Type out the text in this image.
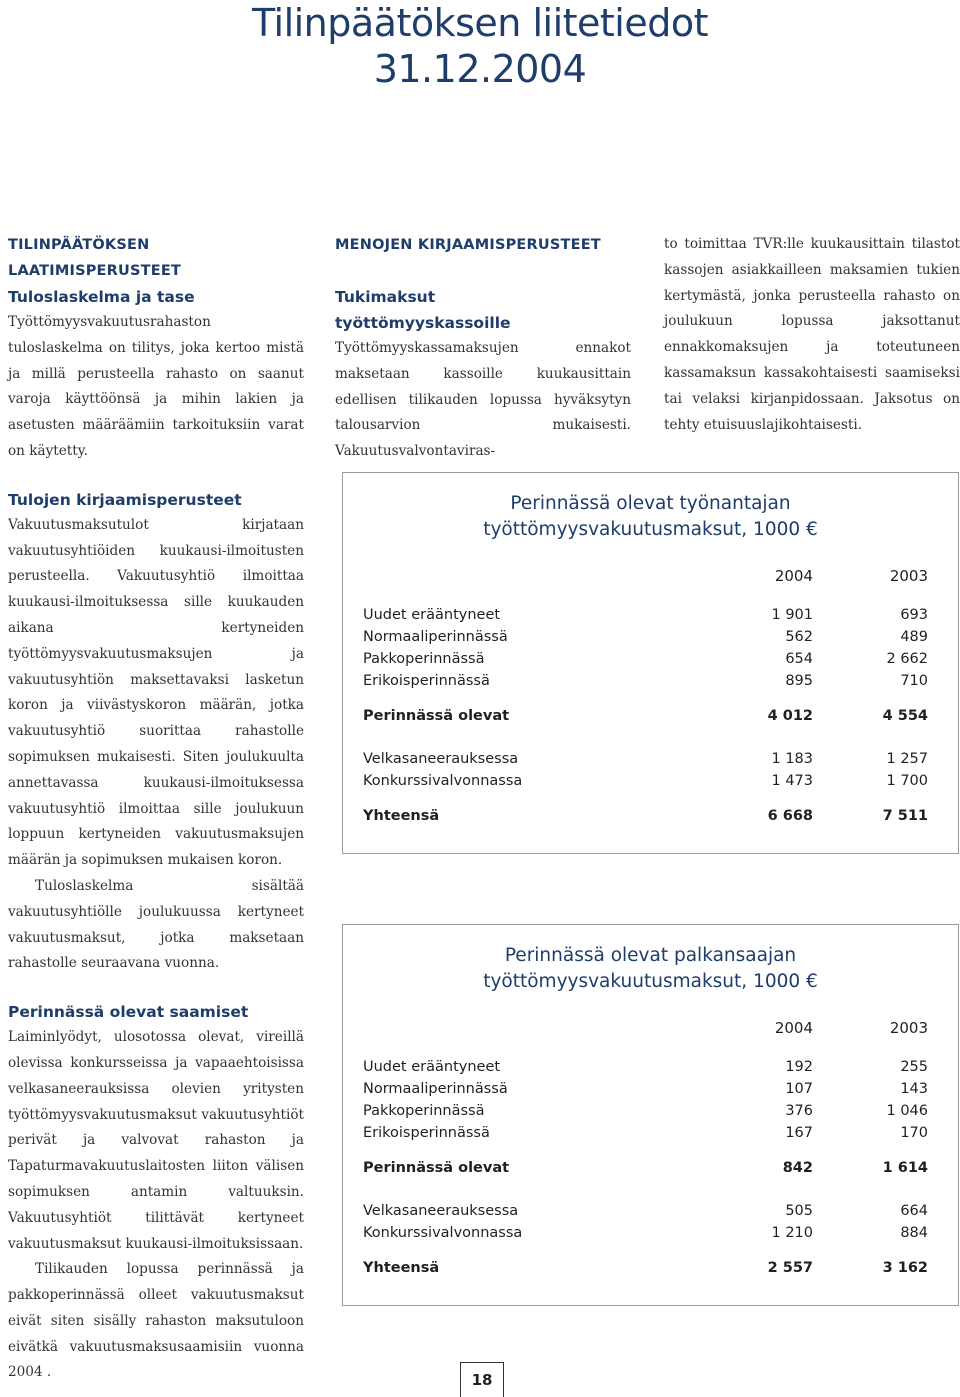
Tilinpäätöksen liitetiedot
31.12.2004
TILINPÄÄTÖKSEN LAATIMISPERUSTEET
Tuloslaskelma ja tase

Työttömyysvakuutusrahaston tuloslaskelma on tilitys, joka kertoo mistä ja millä perusteella rahasto on saanut varoja käyttöönsä ja mihin lakien ja asetusten määräämiin tarkoituksiin varat on käytetty.

Tulojen kirjaamisperusteet

Vakuutusmaksutulot kirjataan vakuutusyhtiöiden kuukausi-ilmoitusten perusteella. Vakuutusyhtiö ilmoittaa kuukausi-ilmoituksessa sille kuukauden aikana kertyneiden työttömyysvakuutusmaksujen ja vakuutusyhtiön maksettavaksi lasketun koron ja viivästyskoron määrän, jotka vakuutusyhtiö suorittaa rahastolle sopimuksen mukaisesti. Siten joulukuulta annettavassa kuukausi-ilmoituksessa vakuutusyhtiö ilmoittaa sille joulukuun loppuun kertyneiden vakuutusmaksujen määrän ja sopimuksen mukaisen koron.

Tuloslaskelma sisältää vakuutusyhtiölle joulukuussa kertyneet vakuutusmaksut, jotka maksetaan rahastolle seuraavana vuonna.

Perinnässä olevat saamiset

Laiminlyödyt, ulosotossa olevat, vireillä olevissa konkursseissa ja vapaaehtoisissa velkasaneerauksissa olevien yritysten työttömyysvakuutusmaksut vakuutusyhtiöt perivät ja valvovat rahaston ja Tapaturmavakuutuslaitosten liiton välisen sopimuksen antamin valtuuksin. Vakuutusyhtiöt tilittävät kertyneet vakuutusmaksut kuukausi-ilmoituksissaan.

Tilikauden lopussa perinnässä ja pakkoperinnässä olleet vakuutusmaksut eivät siten sisälly rahaston maksutuloon eivätkä vakuutusmaksusaamisiin vuonna 2004 .

MENOJEN KIRJAAMISPERUSTEET
Tukimaksut
työttömyyskassoille

Työttömyyskassamaksujen ennakot maksetaan kassoille kuukausittain edellisen tilikauden lopussa hyväksytyn talousarvion mukaisesti. Vakuutusvalvontaviras-

to toimittaa TVR:lle kuukausittain tilastot kassojen asiakkailleen maksamien tukien kertymästä, jonka perusteella rahasto on joulukuun lopussa jaksottanut ennakkomaksujen ja toteutuneen kassamaksun kassakohtaisesti saamiseksi tai velaksi kirjanpidossaan. Jaksotus on tehty etuisuuslajikohtaisesti.

Perinnässä olevat työnantajan
työttömyysvakuutusmaksut, 1000 €
2004	2003
Uudet erääntyneet	1 901	693
Normaaliperinnässä	562	489
Pakkoperinnässä	654	2 662
Erikoisperinnässä	895	710
Perinnässä olevat	4 012	4 554
Velkasaneerauksessa	1 183	1 257
Konkurssivalvonnassa	1 473	1 700
Yhteensä	6 668	7 511
Perinnässä olevat palkansaajan
työttömyysvakuutusmaksut, 1000 €
2004	2003
Uudet erääntyneet	192	255
Normaaliperinnässä	107	143
Pakkoperinnässä	376	1 046
Erikoisperinnässä	167	170
Perinnässä olevat	842	1 614
Velkasaneerauksessa	505	664
Konkurssivalvonnassa	1 210	884
Yhteensä	2 557	3 162
18
